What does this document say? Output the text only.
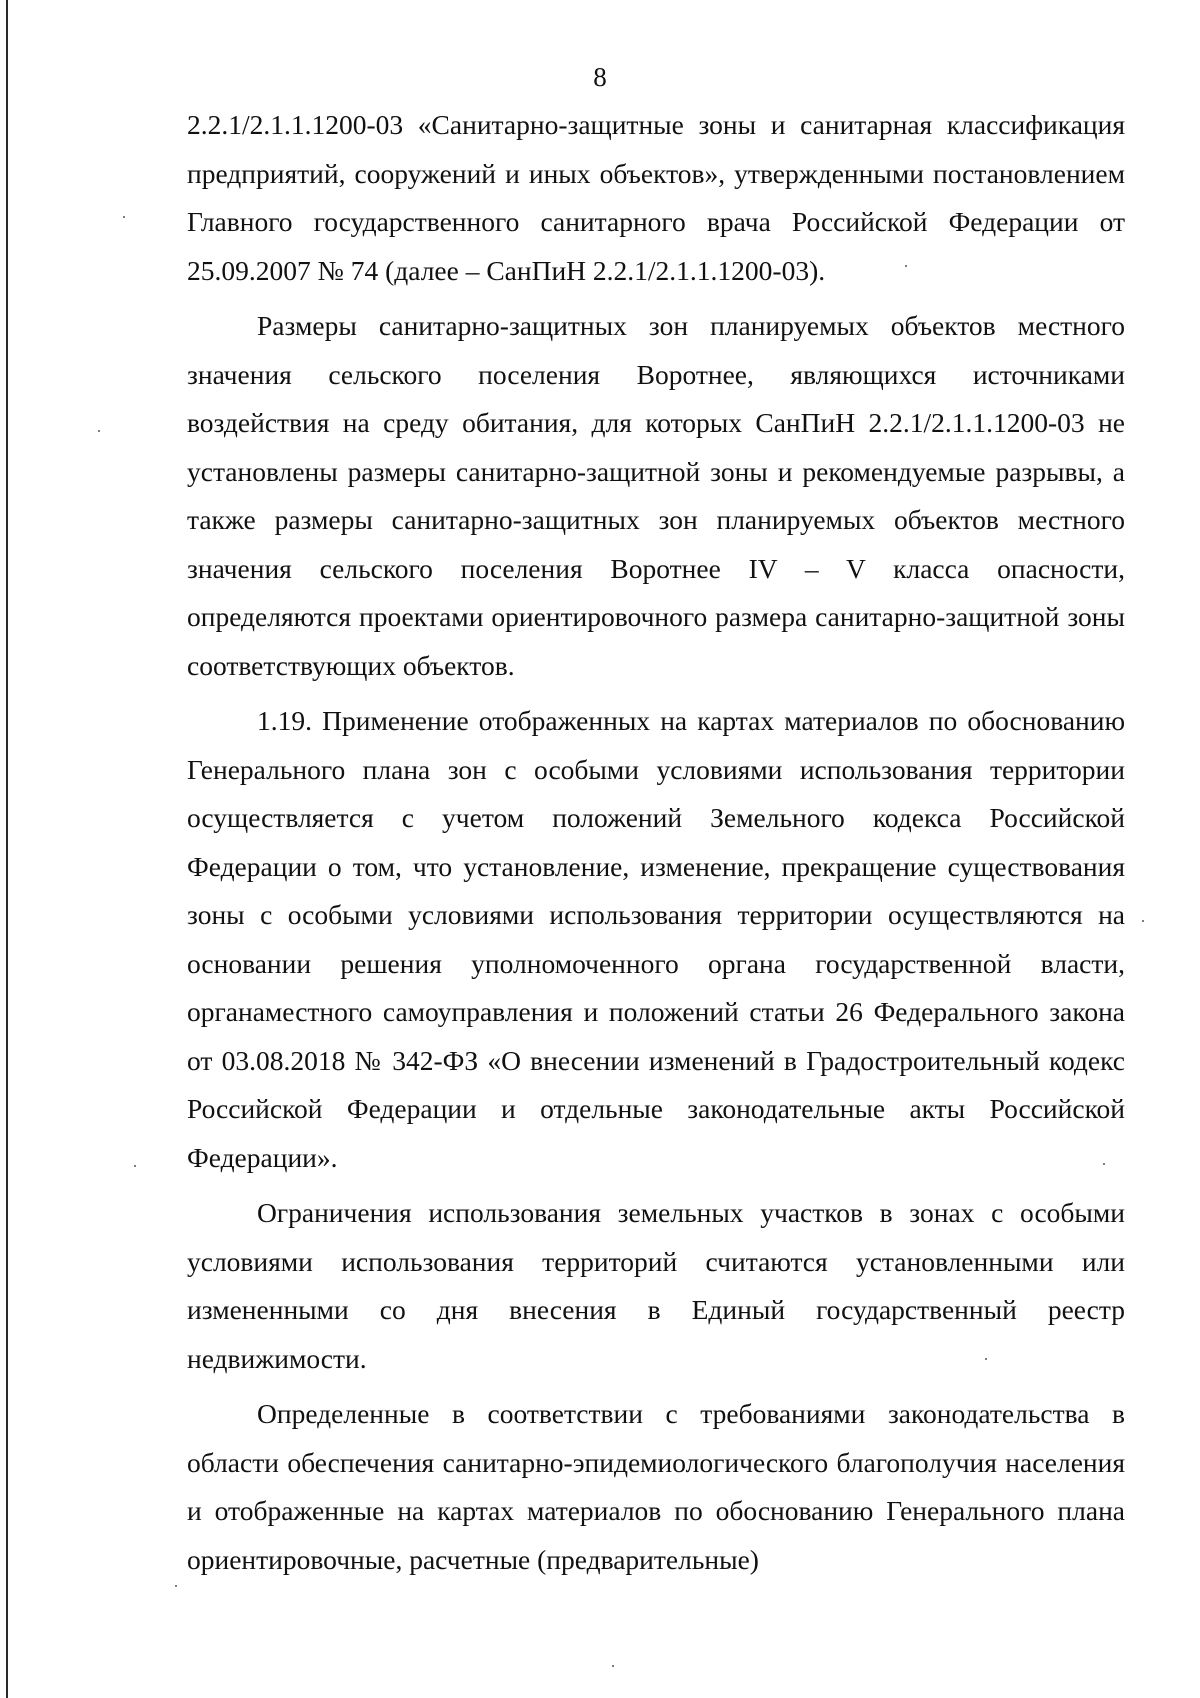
8

2.2.1/2.1.1.1200-03 «Санитарно-защитные зоны и санитарная классификация предприятий, сооружений и иных объектов», утвержденными постановлением Главного государственного санитарного врача Российской Федерации от 25.09.2007 № 74 (далее – СанПиН 2.2.1/2.1.1.1200-03).

Размеры санитарно-защитных зон планируемых объектов местного значения сельского поселения Воротнее, являющихся источниками воздействия на среду обитания, для которых СанПиН 2.2.1/2.1.1.1200-03 не установлены размеры санитарно-защитной зоны и рекомендуемые разрывы, а также размеры санитарно-защитных зон планируемых объектов местного значения сельского поселения Воротнее IV – V класса опасности, определяются проектами ориентировочного размера санитарно-защитной зоны соответствующих объектов.

1.19. Применение отображенных на картах материалов по обоснованию Генерального плана зон с особыми условиями использования территории осуществляется с учетом положений Земельного кодекса Российской Федерации о том, что установление, изменение, прекращение существования зоны с особыми условиями использования территории осуществляются на основании решения уполномоченного органа государственной власти, органаместного самоуправления и положений статьи 26 Федерального закона от 03.08.2018 № 342-ФЗ «О внесении изменений в Градостроительный кодекс Российской Федерации и отдельные законодательные акты Российской Федерации».

Ограничения использования земельных участков в зонах с особыми условиями использования территорий считаются установленными или измененными со дня внесения в Единый государственный реестр недвижимости.

Определенные в соответствии с требованиями законодательства в области обеспечения санитарно-эпидемиологического благополучия населения и отображенные на картах материалов по обоснованию Генерального плана ориентировочные, расчетные (предварительные)
